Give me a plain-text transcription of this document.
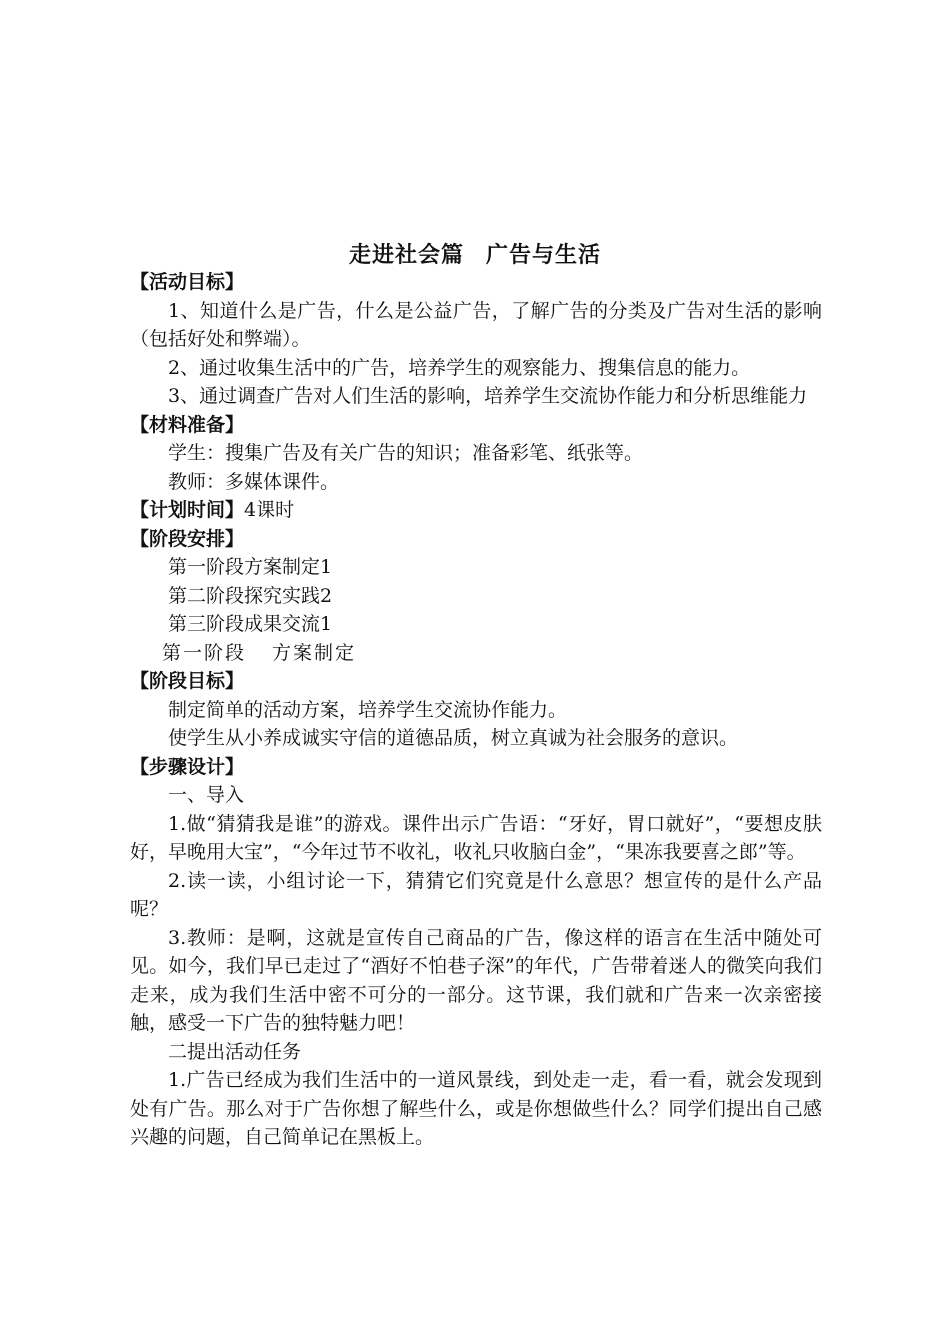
走进社会篇 广告与生活

【活动目标】

1、知道什么是广告，什么是公益广告，了解广告的分类及广告对生活的影响（包括好处和弊端）。

2、通过收集生活中的广告，培养学生的观察能力、搜集信息的能力。

3、通过调查广告对人们生活的影响，培养学生交流协作能力和分析思维能力

【材料准备】

学生：搜集广告及有关广告的知识；准备彩笔、纸张等。

教师：多媒体课件。

【计划时间】4课时

【阶段安排】

第一阶段方案制定1

第二阶段探究实践2

第三阶段成果交流1

第一阶段 方案制定

【阶段目标】

制定简单的活动方案，培养学生交流协作能力。

使学生从小养成诚实守信的道德品质，树立真诚为社会服务的意识。

【步骤设计】

一、导入

1.做“猜猜我是谁”的游戏。课件出示广告语：“牙好，胃口就好”，“要想皮肤好，早晚用大宝”，“今年过节不收礼，收礼只收脑白金”，“果冻我要喜之郎”等。

2.读一读，小组讨论一下，猜猜它们究竟是什么意思？想宣传的是什么产品呢？

3.教师：是啊，这就是宣传自己商品的广告，像这样的语言在生活中随处可见。如今，我们早已走过了“酒好不怕巷子深”的年代，广告带着迷人的微笑向我们走来，成为我们生活中密不可分的一部分。这节课，我们就和广告来一次亲密接触，感受一下广告的独特魅力吧！

二提出活动任务

1.广告已经成为我们生活中的一道风景线，到处走一走，看一看，就会发现到处有广告。那么对于广告你想了解些什么，或是你想做些什么？同学们提出自己感兴趣的问题，自己简单记在黑板上。
